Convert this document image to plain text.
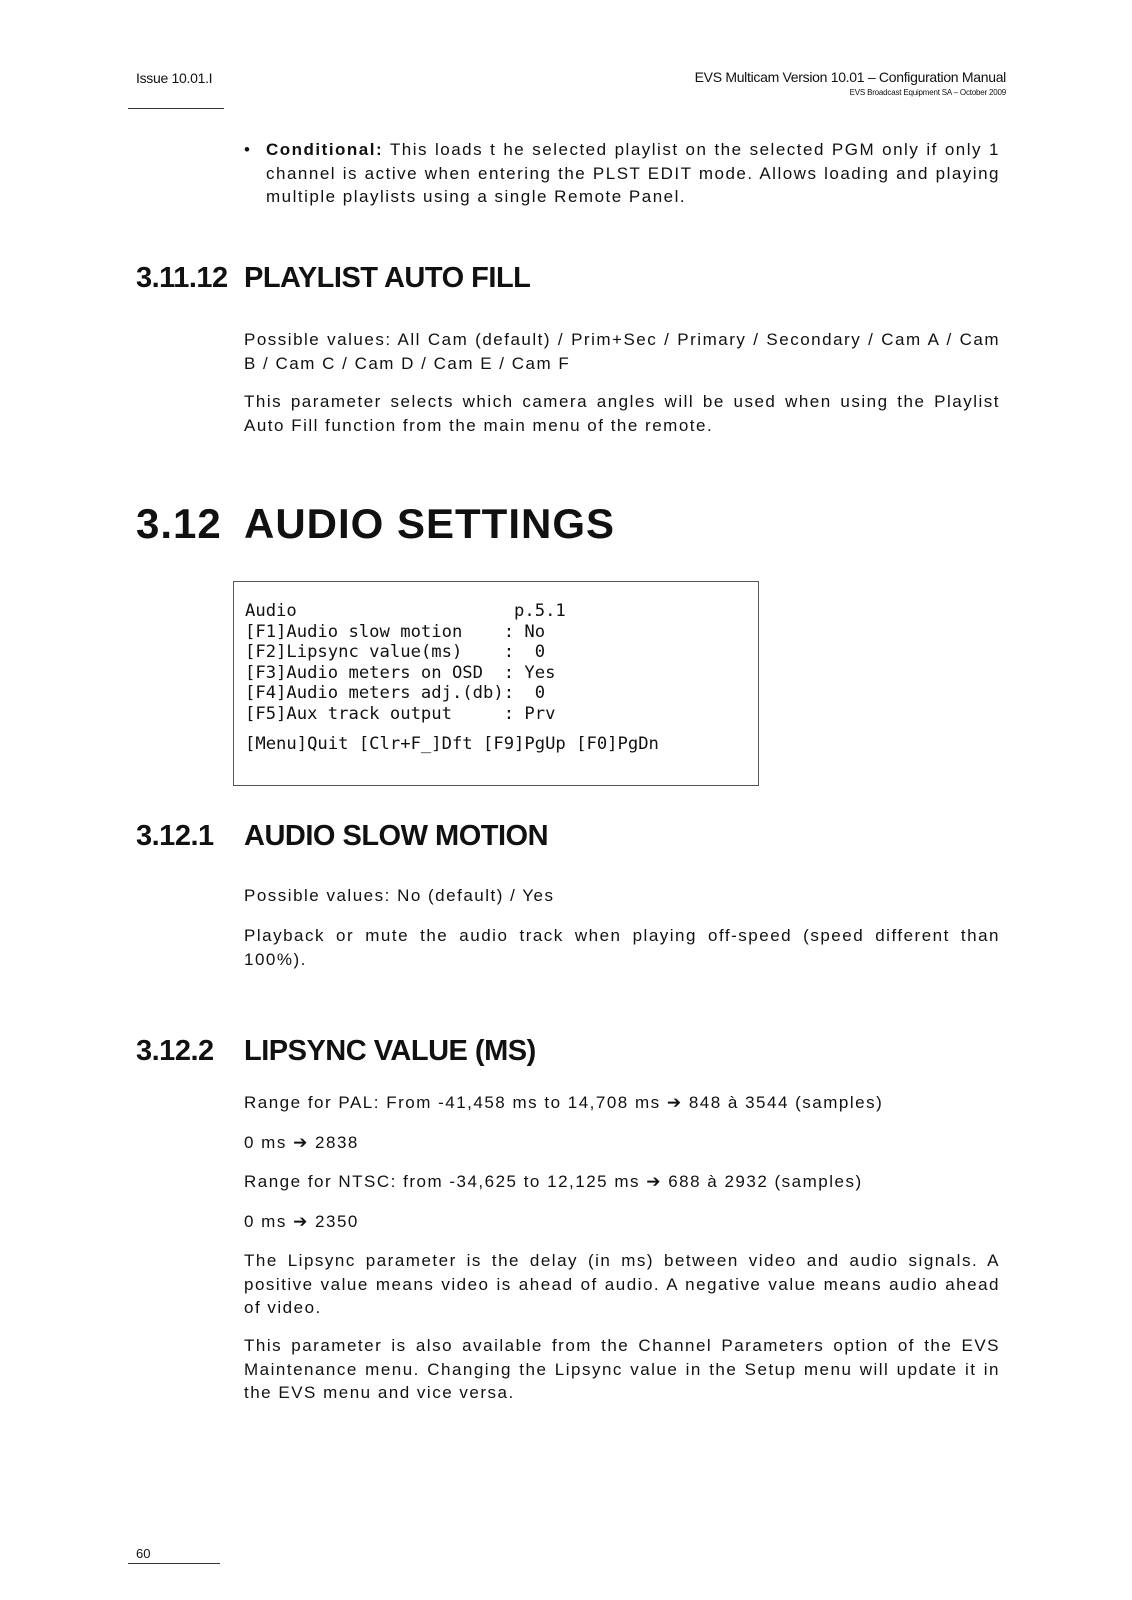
Issue 10.01.I	EVS Multicam Version 10.01 – Configuration Manual
EVS Broadcast Equipment SA – October 2009
• Conditional: This loads t he selected playlist on the selected PGM only if only 1 channel is active when entering the PLST EDIT mode. Allows loading and playing multiple playlists using a single Remote Panel.
3.11.12 PLAYLIST AUTO FILL

Possible values: All Cam (default) / Prim+Sec / Primary / Secondary / Cam A / Cam B / Cam C / Cam D / Cam E / Cam F

This parameter selects which camera angles will be used when using the Playlist Auto Fill function from the main menu of the remote.

3.12 AUDIO SETTINGS
Audio                     p.5.1
[F1]Audio slow motion    : No
[F2]Lipsync value(ms)    :  0
[F3]Audio meters on OSD  : Yes
[F4]Audio meters adj.(db):  0
[F5]Aux track output     : Prv
[Menu]Quit [Clr+F_]Dft [F9]PgUp [F0]PgDn
3.12.1 AUDIO SLOW MOTION

Possible values: No (default) / Yes

Playback or mute the audio track when playing off-speed (speed different than 100%).

3.12.2 LIPSYNC VALUE (MS)

Range for PAL: From -41,458 ms to 14,708 ms ➔ 848 à 3544 (samples)

0 ms ➔ 2838

Range for NTSC: from -34,625 to 12,125 ms ➔ 688 à 2932 (samples)

0 ms ➔ 2350

The Lipsync parameter is the delay (in ms) between video and audio signals. A positive value means video is ahead of audio. A negative value means audio ahead of video.

This parameter is also available from the Channel Parameters option of the EVS Maintenance menu. Changing the Lipsync value in the Setup menu will update it in the EVS menu and vice versa.

60
